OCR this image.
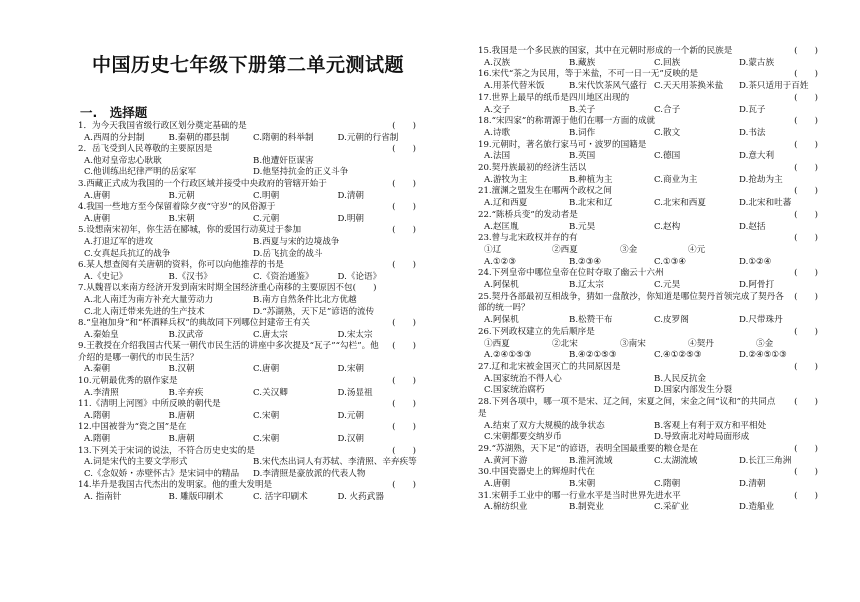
中国历史七年级下册第二单元测试题
一.　选择题
1．为今天我国省级行政区划分奠定基础的是	(　　)
A.西周的分封制	B.秦朝的郡县制	C.隋朝的科举制	D.元朝的行省制
2．岳飞受到人民尊敬的主要原因是	(　　)
A.他对皇帝忠心耿耿	B.他遭奸臣谋害
C.他训练出纪律严明的岳家军	D.他坚持抗金的正义斗争
3.西藏正式成为我国的一个行政区域并接受中央政府的管辖开始于	(　　)
A.唐朝	B.元朝	C.明朝	D.清朝
4.我国一些地方至今保留着除夕夜“守岁”的风俗源于	(　　)
A.唐朝	B.宋朝	C.元朝	D.明朝
5.设想南宋初年，你生活在郾城，你的爱国行动莫过于参加	(　　)
A.打退辽军的进攻	B.西夏与宋的边境战争
C.女真起兵抗辽的战争	D.岳飞抗金的战斗
6.某人想查阅有关唐朝的资料，你可以向他推荐的书是	(　　)
A.《史记》	B.《汉书》	C.《资治通鉴》	D.《论语》
7.从魏晋以来南方经济开发到南宋时期全国经济重心南移的主要原因不包(　　)
A.北人南迁为南方补充大量劳动力	B.南方自然条件比北方优越
C.北人南迁带来先进的生产技术	D.“苏湖熟，天下足”谚语的流传
8.“皇袍加身”和“杯酒释兵权”的典故同下列哪位封建帝王有关	(　　)
A.秦始皇	B.汉武帝	C.唐太宗	D.宋太宗
9.王教授在介绍我国古代某一朝代市民生活的讲座中多次提及“瓦子”“勾栏”。他介绍的是哪一朝代的市民生活？
(　　)
A.秦朝	B.汉朝	C.唐朝	D.宋朝
10.元朝最优秀的剧作家是	(　　)
A.李清照	B.辛弃疾	C.关汉卿	D.汤显祖
11.《清明上河图》中所反映的朝代是	(　　)
A.隋朝	B.唐朝	C.宋朝	D.元朝
12.中国被誉为“瓷之国”是在	(　　)
A.隋朝	B.唐朝	C.宋朝	D.汉朝
13.下列关于宋词的说法，不符合历史史实的是	(　　)
A.词是宋代的主要文学形式	B.宋代杰出词人有苏轼、李清照、辛弃疾等
C.《念奴娇・赤壁怀古》是宋词中的精品	D.李清照是豪放派的代表人物
14.毕升是我国古代杰出的发明家。他的重大发明是	(　　)
A. 指南针	B. 雕版印刷术	C. 活字印刷术	D. 火药武器
15.我国是一个多民族的国家，其中在元朝时形成的一个新的民族是	(　　)
A.汉族	B.藏族	C.回族	D.蒙古族
16.宋代“茶之为民用，等于米盐，不可一日一无”反映的是	(　　)
A.用茶代替米饭	B.宋代饮茶风气盛行 C.天天用茶换米盐	D.茶只适用于百姓
17.世界上最早的纸币是四川地区出现的	(　　)
A.交子	B.关子	C.合子	D.瓦子
18.“宋四家”的称谓源于他们在哪一方面的成就	(　　)
A.诗歌	B.词作	C.散文	D.书法
19.元朝时，著名旅行家马可・波罗的国籍是	(　　)
A.法国	B.英国	C.德国	D.意大利
20.契丹族最初的经济生活以	(　　)
A.游牧为主	B.种植为主	C.商业为主	D.抢劫为主
21.澶渊之盟发生在哪两个政权之间	(　　)
A.辽和西夏	B.北宋和辽	C.北宋和西夏	D.北宋和吐蕃
22.“陈桥兵变”的发动者是	(　　)
A.赵匡胤	B.元昊	C.赵构	D.赵括
23.曾与北宋政权并存的有	(　　)
①辽	②西夏	③金	④元
A.①②③	B.②③④	C.①③④	D.①②④
24.下列皇帝中哪位皇帝在位时夺取了幽云十六州	(　　)
A.阿保机	B.辽太宗	C.元昊	D.阿骨打
25.契丹各部最初互相战争，猜如一盘散沙，你知道是哪位契丹首领完成了契丹各部的统一吗？
(　　)
A.阿保机	B.松赞干布	C.皮罗阁	D.尺带珠丹
26.下列政权建立的先后顺序是	(　　)
①西夏	②北宋	③南宋	④契丹	⑤金
A.②④①⑤③	B.④②①⑤③	C.④①②⑤③	D.②④⑤①③
27.辽和北宋被金国灭亡的共同原因是	(　　)
A.国家统治不得人心	B.人民反抗金
C.国家统治腐朽	D.国家内部发生分裂
28.下列各项中，哪一项不是宋、辽之间，宋夏之间，宋金之间“议和”的共同点是
(　　)
A.结束了双方大规模的战争状态	B.客观上有利于双方和平相处
C.宋朝都要交纳岁币	D.导致南北对峙局面形成
29.“苏湖熟，天下足”的谚语，表明全国最重要的粮仓是在	(　　)
A.黄河下游	B.淮河流域	C.太湖流域	D.长江三角洲
30.中国瓷器史上的辉煌时代在	(　　)
A.唐朝	B.宋朝	C.隋朝	D.清朝
31.宋朝手工业中的哪一行业水平是当时世界先进水平	(　　)
A.棉纺织业	B.制瓷业	C.采矿业	D.造船业
